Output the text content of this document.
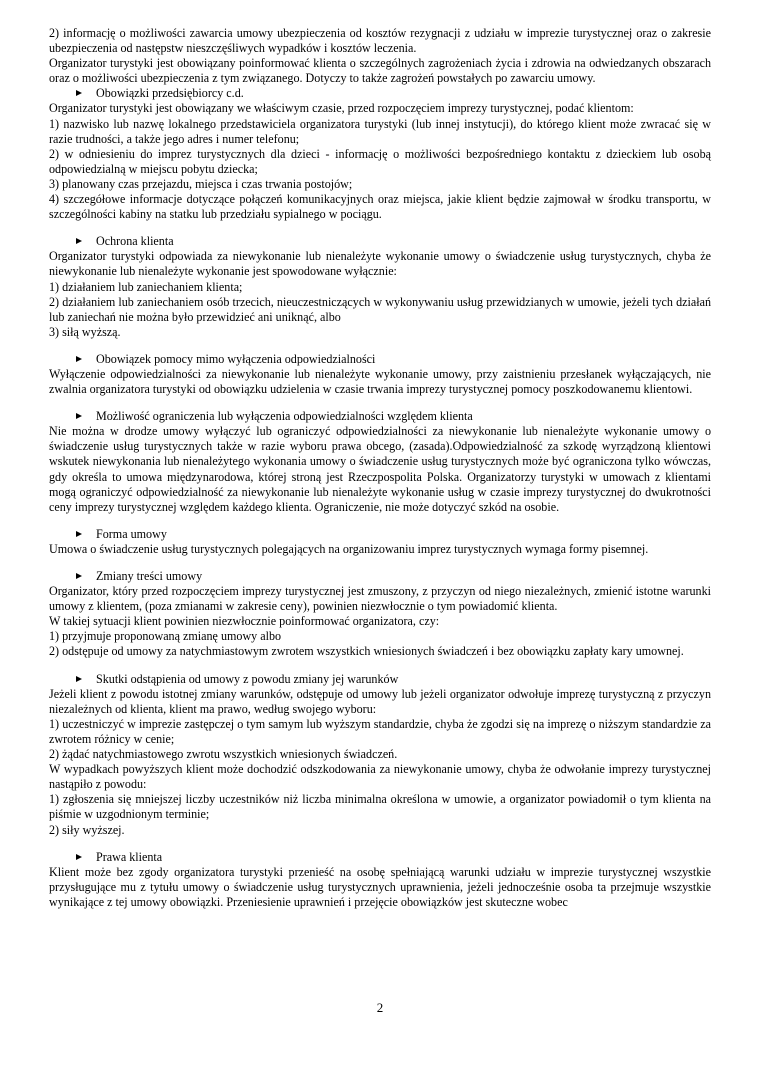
2) informację o możliwości zawarcia umowy ubezpieczenia od kosztów rezygnacji z udziału w imprezie turystycznej oraz o zakresie ubezpieczenia od następstw nieszczęśliwych wypadków i kosztów leczenia.

Organizator turystyki jest obowiązany poinformować klienta o szczególnych zagrożeniach życia i zdrowia na odwiedzanych obszarach oraz o możliwości ubezpieczenia z tym związanego. Dotyczy to także zagrożeń powstałych po zawarciu umowy.

Obowiązki przedsiębiorcy c.d.

Organizator turystyki jest obowiązany we właściwym czasie, przed rozpoczęciem imprezy turystycznej, podać klientom:

1) nazwisko lub nazwę lokalnego przedstawiciela organizatora turystyki (lub innej instytucji), do którego klient może zwracać się w razie trudności, a także jego adres i numer telefonu;

2) w odniesieniu do imprez turystycznych dla dzieci - informację o możliwości bezpośredniego kontaktu z dzieckiem lub osobą odpowiedzialną w miejscu pobytu dziecka;

3) planowany czas przejazdu, miejsca i czas trwania postojów;

4) szczegółowe informacje dotyczące połączeń komunikacyjnych oraz miejsca, jakie klient będzie zajmował w środku transportu, w szczególności kabiny na statku lub przedziału sypialnego w pociągu.

Ochrona klienta

Organizator turystyki odpowiada za niewykonanie lub nienależyte wykonanie umowy o świadczenie usług turystycznych, chyba że niewykonanie lub nienależyte wykonanie jest spowodowane wyłącznie:

1) działaniem lub zaniechaniem klienta;

2) działaniem lub zaniechaniem osób trzecich, nieuczestniczących w wykonywaniu usług przewidzianych w umowie, jeżeli tych działań lub zaniechań nie można było przewidzieć ani uniknąć, albo

3) siłą wyższą.

Obowiązek pomocy mimo wyłączenia odpowiedzialności

Wyłączenie odpowiedzialności za niewykonanie lub nienależyte wykonanie umowy, przy zaistnieniu przesłanek wyłączających, nie zwalnia organizatora turystyki od obowiązku udzielenia w czasie trwania imprezy turystycznej pomocy poszkodowanemu klientowi.

Możliwość ograniczenia lub wyłączenia odpowiedzialności względem klienta

Nie można w drodze umowy wyłączyć lub ograniczyć odpowiedzialności za niewykonanie lub nienależyte wykonanie umowy o świadczenie usług turystycznych także w razie wyboru prawa obcego, (zasada).Odpowiedzialność za szkodę wyrządzoną klientowi wskutek niewykonania lub nienależytego wykonania umowy o świadczenie usług turystycznych może być ograniczona tylko wówczas, gdy określa to umowa międzynarodowa, której stroną jest Rzeczpospolita Polska. Organizatorzy turystyki w umowach z klientami mogą ograniczyć odpowiedzialność za niewykonanie lub nienależyte wykonanie usług w czasie imprezy turystycznej do dwukrotności ceny imprezy turystycznej względem każdego klienta. Ograniczenie, nie może dotyczyć szkód na osobie.

Forma umowy

Umowa o świadczenie usług turystycznych polegających na organizowaniu imprez turystycznych wymaga formy pisemnej.

Zmiany treści umowy

Organizator, który przed rozpoczęciem imprezy turystycznej jest zmuszony, z przyczyn od niego niezależnych, zmienić istotne warunki umowy z klientem, (poza zmianami w zakresie ceny), powinien niezwłocznie o tym powiadomić klienta.

W takiej sytuacji klient powinien niezwłocznie poinformować organizatora, czy:

1) przyjmuje proponowaną zmianę umowy albo

2) odstępuje od umowy za natychmiastowym zwrotem wszystkich wniesionych świadczeń i bez obowiązku zapłaty kary umownej.

Skutki odstąpienia od umowy z powodu zmiany jej warunków

Jeżeli klient z powodu istotnej zmiany warunków, odstępuje od umowy lub jeżeli organizator odwołuje imprezę turystyczną z przyczyn niezależnych od klienta, klient ma prawo, według swojego wyboru:

1) uczestniczyć w imprezie zastępczej o tym samym lub wyższym standardzie, chyba że zgodzi się na imprezę o niższym standardzie za zwrotem różnicy w cenie;

2) żądać natychmiastowego zwrotu wszystkich wniesionych świadczeń.

W wypadkach powyższych klient może dochodzić odszkodowania za niewykonanie umowy, chyba że odwołanie imprezy turystycznej nastąpiło z powodu:

1) zgłoszenia się mniejszej liczby uczestników niż liczba minimalna określona w umowie, a organizator powiadomił o tym klienta na piśmie w uzgodnionym terminie;

2) siły wyższej.

Prawa klienta

Klient może bez zgody organizatora turystyki przenieść na osobę spełniającą warunki udziału w imprezie turystycznej wszystkie przysługujące mu z tytułu umowy o świadczenie usług turystycznych uprawnienia, jeżeli jednocześnie osoba ta przejmuje wszystkie wynikające z tej umowy obowiązki. Przeniesienie uprawnień i przejęcie obowiązków jest skuteczne wobec

2
